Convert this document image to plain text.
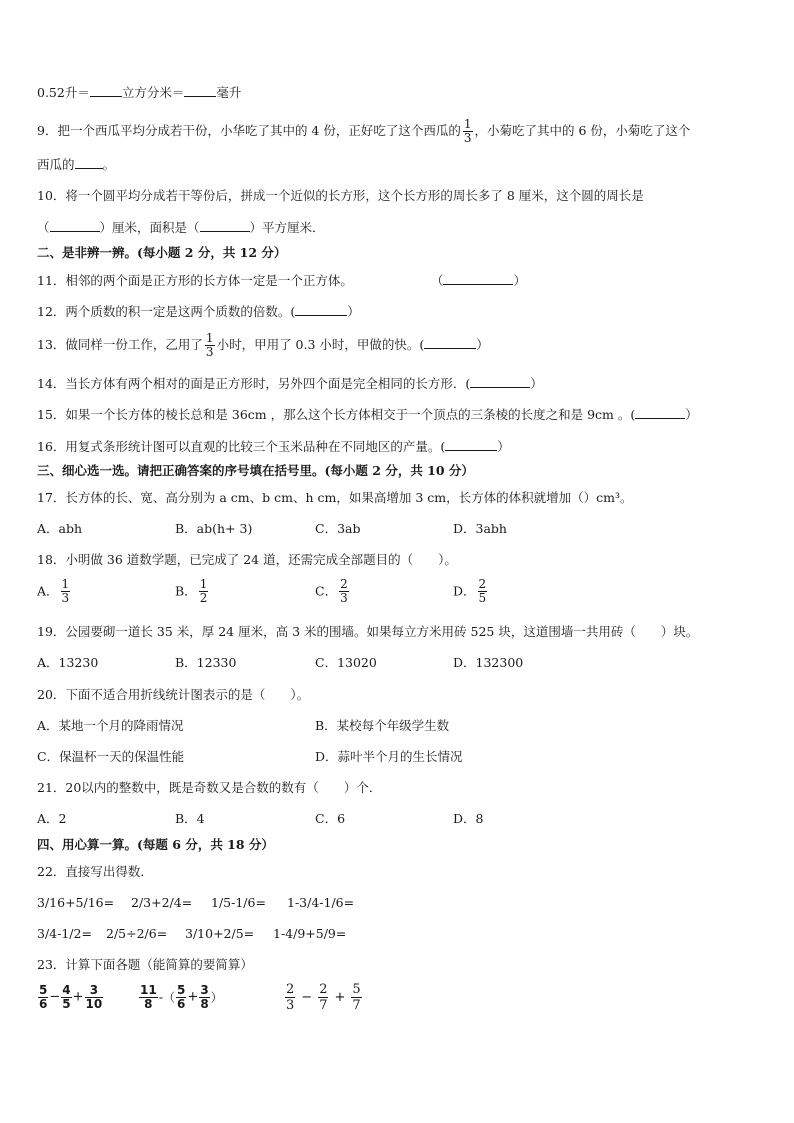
0.52升＝	立方分米＝	毫升
9．把一个西瓜平均分成若干份，小华吃了其中的 4 份，正好吃了这个西瓜的 $\frac{1}{3}$ ，小菊吃了其中的 6 份，小菊吃了这个
西瓜的 。
10．将一个圆平均分成若干等份后，拼成一个近似的长方形，这个长方形的周长多了 8 厘米，这个圆的周长是
（	）厘米，面积是（	）平方厘米．
二、是非辨一辨。(每小题 2 分，共 12 分）
11．相邻的两个面是正方形的长方体一定是一个正方体。	（	）
12．两个质数的积一定是这两个质数的倍数。(	）
13．做同样一份工作，乙用了 $\frac{1}{3}$ 小时，甲用了 0.3 小时，甲做的快。(	）
14．当长方体有两个相对的面是正方形时，另外四个面是完全相同的长方形．(	）
15．如果一个长方体的棱长总和是 36cm ，那么这个长方体相交于一个顶点的三条棱的长度之和是 9cm 。(	）
16．用复式条形统计图可以直观的比较三个玉米品种在不同地区的产量。(	）
三、细心选一选。请把正确答案的序号填在括号里。(每小题 2 分，共 10 分）
17．长方体的长、宽、高分别为 a cm、b cm、h cm，如果高增加 3 cm，长方体的体积就增加（）cm³。
A．abh	B．ab(h+ 3)	C．3ab	D．3abh
18．小明做 36 道数学题，已完成了 24 道，还需完成全部题目的（　　）。
A． $\frac{1}{3}$	B． $\frac{1}{2}$	C． $\frac{2}{3}$	D． $\frac{2}{5}$
19．公园要砌一道长 35 米，厚 24 厘米，高 3 米的围墙。如果每立方米用砖 525 块，这道围墙一共用砖（　　）块。
A．13230	B．12330	C．13020	D．132300
20．下面不适合用折线统计图表示的是（　　）。
A．某地一个月的降雨情况	B．某校每个年级学生数
C．保温杯一天的保温性能	D．蒜叶半个月的生长情况
21．20以内的整数中，既是奇数又是合数的数有（　　）个．
A．2	B．4	C．6	D．8
四、用心算一算。(每题 6 分，共 18 分）
22．直接写出得数．
3/16+5/16= 2/3+2/4= 1/5-1/6= 1-3/4-1/6=
3/4-1/2= 2/5÷2/6= 3/10+2/5= 1-4/9+5/9=
23．计算下面各题（能简算的要简算）
$\frac{5}{6} - \frac{4}{5} + \frac{3}{10}$	$\frac{11}{8}$ -（ $\frac{5}{6} + \frac{3}{8}$ ）	$\frac{2}{3} - \frac{2}{7} + \frac{5}{7}$
